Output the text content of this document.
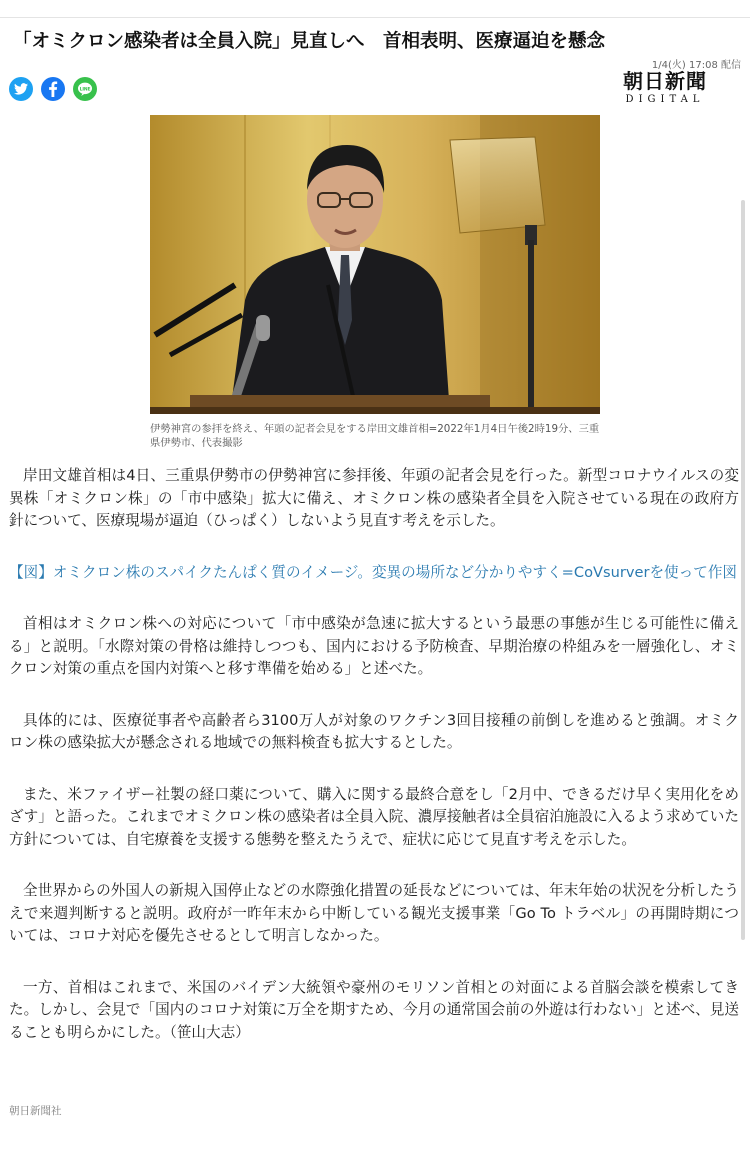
「オミクロン感染者は全員入院」見直しへ　首相表明、医療逼迫を懸念
1/4(火) 17:08 配信
LINE	朝日新聞
DIGITAL
伊勢神宮の参拝を終え、年頭の記者会見をする岸田文雄首相=2022年1月4日午後2時19分、三重県伊勢市、代表撮影

岸田文雄首相は4日、三重県伊勢市の伊勢神宮に参拝後、年頭の記者会見を行った。新型コロナウイルスの変異株「オミクロン株」の「市中感染」拡大に備え、オミクロン株の感染者全員を入院させている現在の政府方針について、医療現場が逼迫（ひっぱく）しないよう見直す考えを示した。

【図】オミクロン株のスパイクたんぱく質のイメージ。変異の場所など分かりやすく=CoVsurverを使って作図

首相はオミクロン株への対応について「市中感染が急速に拡大するという最悪の事態が生じる可能性に備える」と説明。「水際対策の骨格は維持しつつも、国内における予防検査、早期治療の枠組みを一層強化し、オミクロン対策の重点を国内対策へと移す準備を始める」と述べた。

具体的には、医療従事者や高齢者ら3100万人が対象のワクチン3回目接種の前倒しを進めると強調。オミクロン株の感染拡大が懸念される地域での無料検査も拡大するとした。

また、米ファイザー社製の経口薬について、購入に関する最終合意をし「2月中、できるだけ早く実用化をめざす」と語った。これまでオミクロン株の感染者は全員入院、濃厚接触者は全員宿泊施設に入るよう求めていた方針については、自宅療養を支援する態勢を整えたうえで、症状に応じて見直す考えを示した。

全世界からの外国人の新規入国停止などの水際強化措置の延長などについては、年末年始の状況を分析したうえで来週判断すると説明。政府が一昨年末から中断している観光支援事業「Go To トラベル」の再開時期については、コロナ対応を優先させるとして明言しなかった。

一方、首相はこれまで、米国のバイデン大統領や豪州のモリソン首相との対面による首脳会談を模索してきた。しかし、会見で「国内のコロナ対策に万全を期すため、今月の通常国会前の外遊は行わない」と述べ、見送ることも明らかにした。（笹山大志）

朝日新聞社
